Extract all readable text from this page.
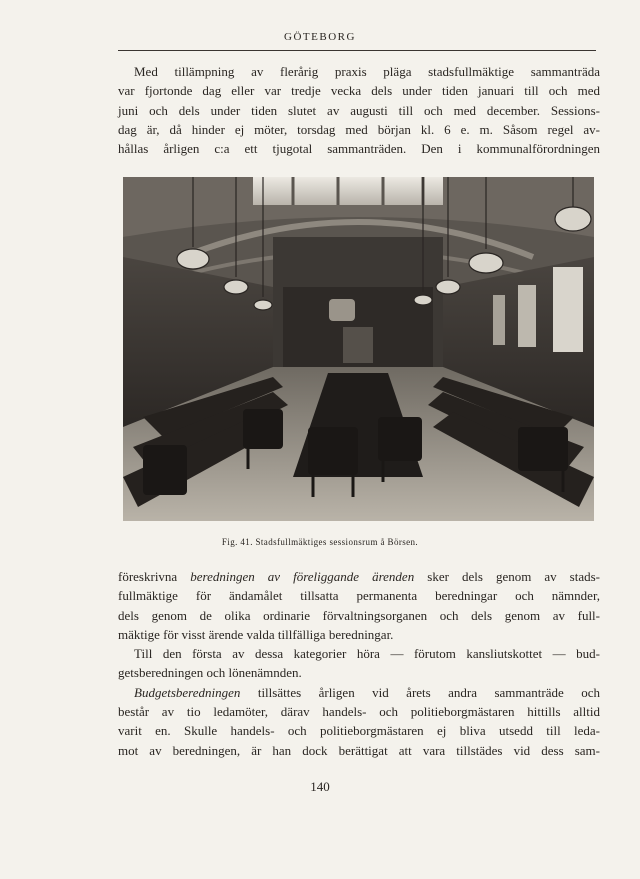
GÖTEBORG
Med tillämpning av flerårig praxis pläga stadsfullmäktige sammanträda
var fjortonde dag eller var tredje vecka dels under tiden januari till och med
juni och dels under tiden slutet av augusti till och med december. Sessions-
dag är, då hinder ej möter, torsdag med början kl. 6 e. m. Såsom regel av-
hållas årligen c:a ett tjugotal sammanträden. Den i kommunalförordningen
Fig. 41. Stadsfullmäktiges sessionsrum å Börsen.
föreskrivna beredningen av föreliggande ärenden sker dels genom av stads-
fullmäktige för ändamålet tillsatta permanenta beredningar och nämnder,
dels genom de olika ordinarie förvaltningsorganen och dels genom av full-
mäktige för visst ärende valda tillfälliga beredningar.
Till den första av dessa kategorier höra — förutom kansliutskottet — bud-
getsberedningen och lönenämnden.
Budgetsberedningen tillsättes årligen vid årets andra sammanträde och
består av tio ledamöter, därav handels- och politieborgmästaren hittills alltid
varit en. Skulle handels- och politieborgmästaren ej bliva utsedd till leda-
mot av beredningen, är han dock berättigat att vara tillstädes vid dess sam-
140
